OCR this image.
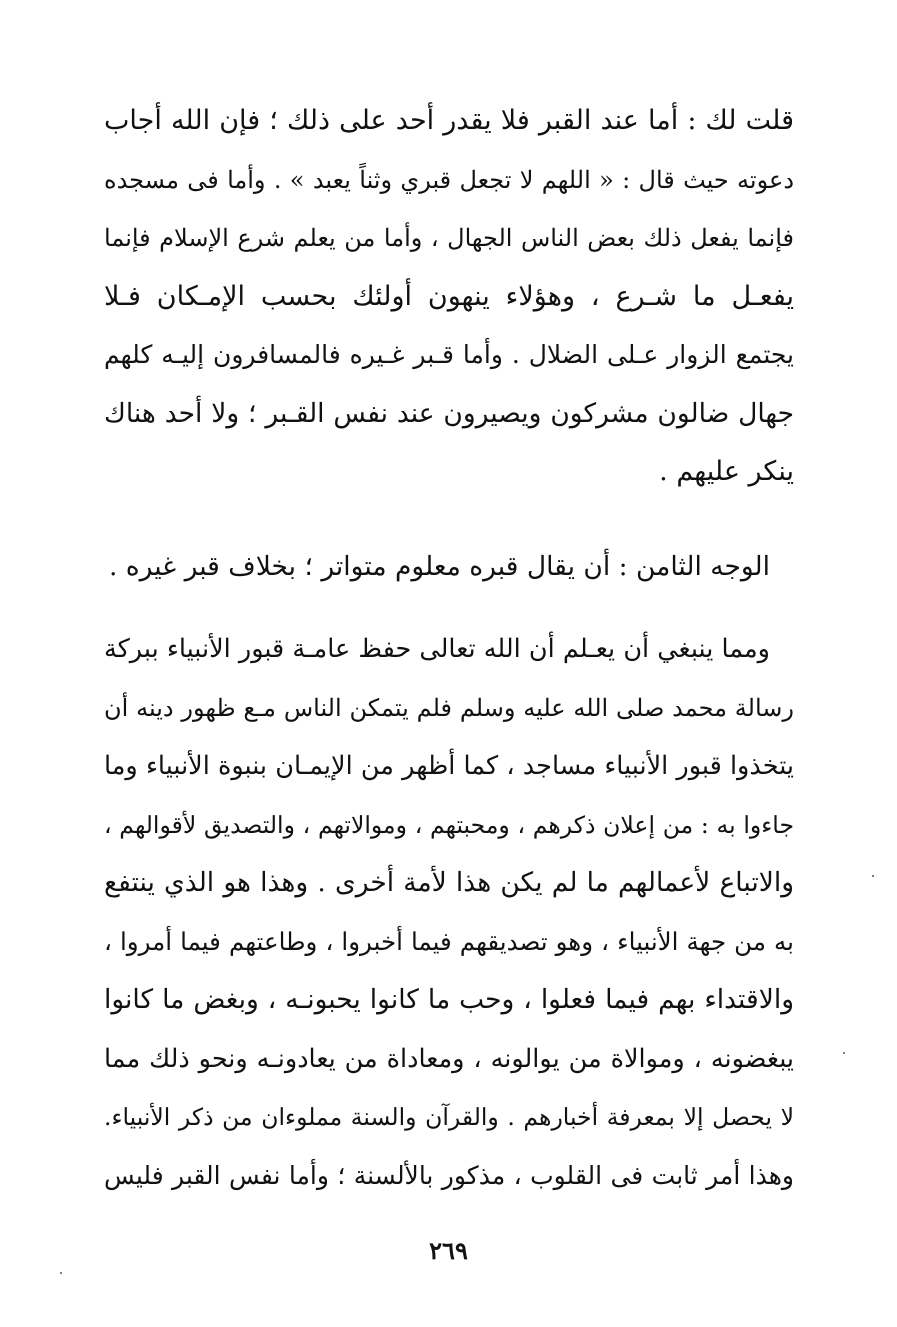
قلت لك : أما عند القبر فلا يقدر أحد على ذلك ؛ فإن الله أجاب
دعوته حيث قال : « اللهم لا تجعل قبري وثناً يعبد » . وأما فى مسجده
فإنما يفعل ذلك بعض الناس الجهال ، وأما من يعلم شرع الإسلام فإنما
يفعـل ما شـرع ، وهؤلاء ينهون أولئك بحسب الإمـكان فـلا
يجتمع الزوار عـلى الضلال . وأما قـبر غـيره فالمسافرون إليـه كلهم
جهال ضالون مشركون ويصيرون عند نفس القـبر ؛ ولا أحد هناك
ينكر عليهم .
الوجه الثامن : أن يقال قبره معلوم متواتر ؛ بخلاف قبر غيره .
ومما ينبغي أن يعـلم أن الله تعالى حفظ عامـة قبور الأنبياء ببركة
رسالة محمد صلى الله عليه وسلم فلم يتمكن الناس مـع ظهور دينه أن
يتخذوا قبور الأنبياء مساجد ، كما أظهر من الإيمـان بنبوة الأنبياء وما
جاءوا به : من إعلان ذكرهم ، ومحبتهم ، وموالاتهم ، والتصديق لأقوالهم ،
والاتباع لأعمالهم ما لم يكن هذا لأمة أخرى . وهذا هو الذي ينتفع
به من جهة الأنبياء ، وهو تصديقهم فيما أخبروا ، وطاعتهم فيما أمروا ،
والاقتداء بهم فيما فعلوا ، وحب ما كانوا يحبونـه ، وبغض ما كانوا
يبغضونه ، وموالاة من يوالونه ، ومعاداة من يعادونـه ونحو ذلك مما
لا يحصل إلا بمعرفة أخبارهم . والقرآن والسنة مملوءان من ذكر الأنبياء.
وهذا أمر ثابت فى القلوب ، مذكور بالألسنة ؛ وأما نفس القبر فليس
٢٦٩
